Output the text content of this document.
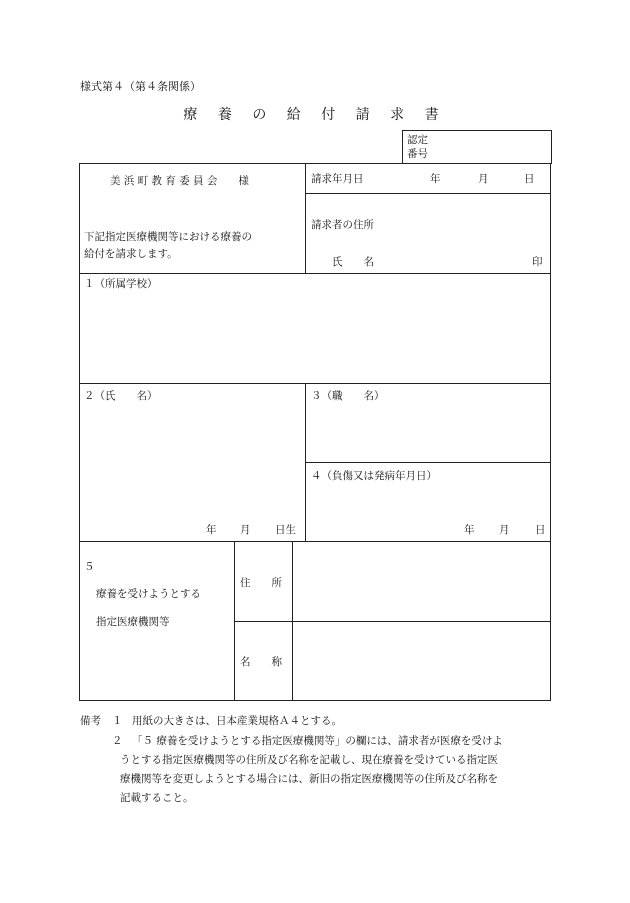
様式第４（第４条関係）
療 養 の 給 付 請 求 書
認定
番号
美 浜 町 教 育 委 員 会　　様
下記指定医療機関等における療養の
給付を請求します。
請求年月日	年	月	日
請求者の住所
氏　　名	印
１（所属学校）
２（氏　　名）
年 月 日生
３（職　　名）
４（負傷又は発病年月日）
年 月 日
５
療養を受けようとする
指定医療機関等
住　　所
名　　称
備考 １ 用紙の大きさは、日本産業規格Ａ４とする。
２ 「５ 療養を受けようとする指定医療機関等」の欄には、請求者が医療を受けよ
うとする指定医療機関等の住所及び名称を記載し、現在療養を受けている指定医
療機関等を変更しようとする場合には、新旧の指定医療機関等の住所及び名称を
記載すること。
